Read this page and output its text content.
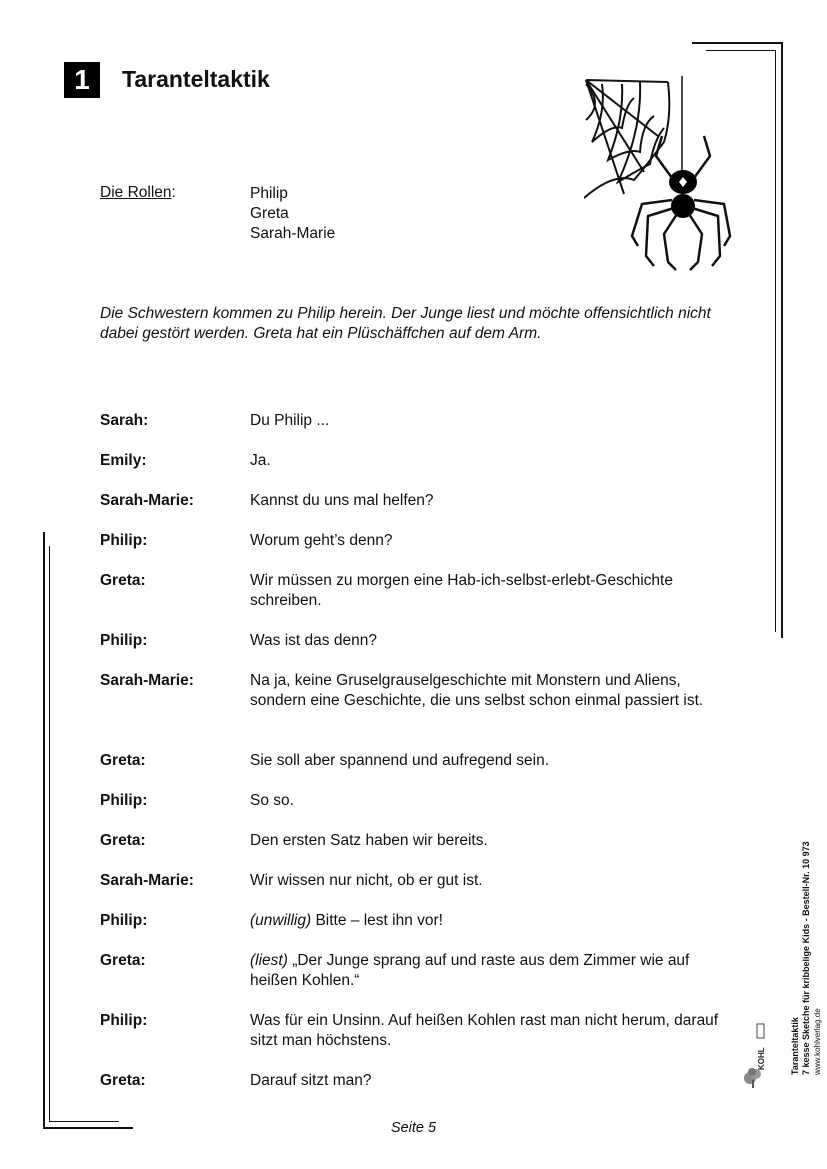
1	Taranteltaktik
Die Rollen:	Philip
Greta
Sarah-Marie
Die Schwestern kommen zu Philip herein. Der Junge liest und möchte offensichtlich nicht dabei gestört werden. Greta hat ein Plüschäffchen auf dem Arm.
Sarah:	Du Philip ...
Emily:	Ja.
Sarah-Marie:	Kannst du uns mal helfen?
Philip:	Worum geht’s denn?
Greta:	Wir müssen zu morgen eine Hab-ich-selbst-erlebt-Geschichte schreiben.
Philip:	Was ist das denn?
Sarah-Marie:	Na ja, keine Gruselgrauselgeschichte mit Monstern und Aliens, sondern eine Geschichte, die uns selbst schon einmal passiert ist.
Greta:	Sie soll aber spannend und aufregend sein.
Philip:	So so.
Greta:	Den ersten Satz haben wir bereits.
Sarah-Marie:	Wir wissen nur nicht, ob er gut ist.
Philip:	(unwillig) Bitte – lest ihn vor!
Greta:	(liest) „Der Junge sprang auf und raste aus dem Zimmer wie auf heißen Kohlen.“
Philip:	Was für ein Unsinn. Auf heißen Kohlen rast man nicht herum, darauf sitzt man höchstens.
Greta:	Darauf sitzt man?
Seite 5
Taranteltaktik 7 kesse Sketche für kribbelige Kids - Bestell-Nr. 10 973 www.kohlverlag.de
KOHL
